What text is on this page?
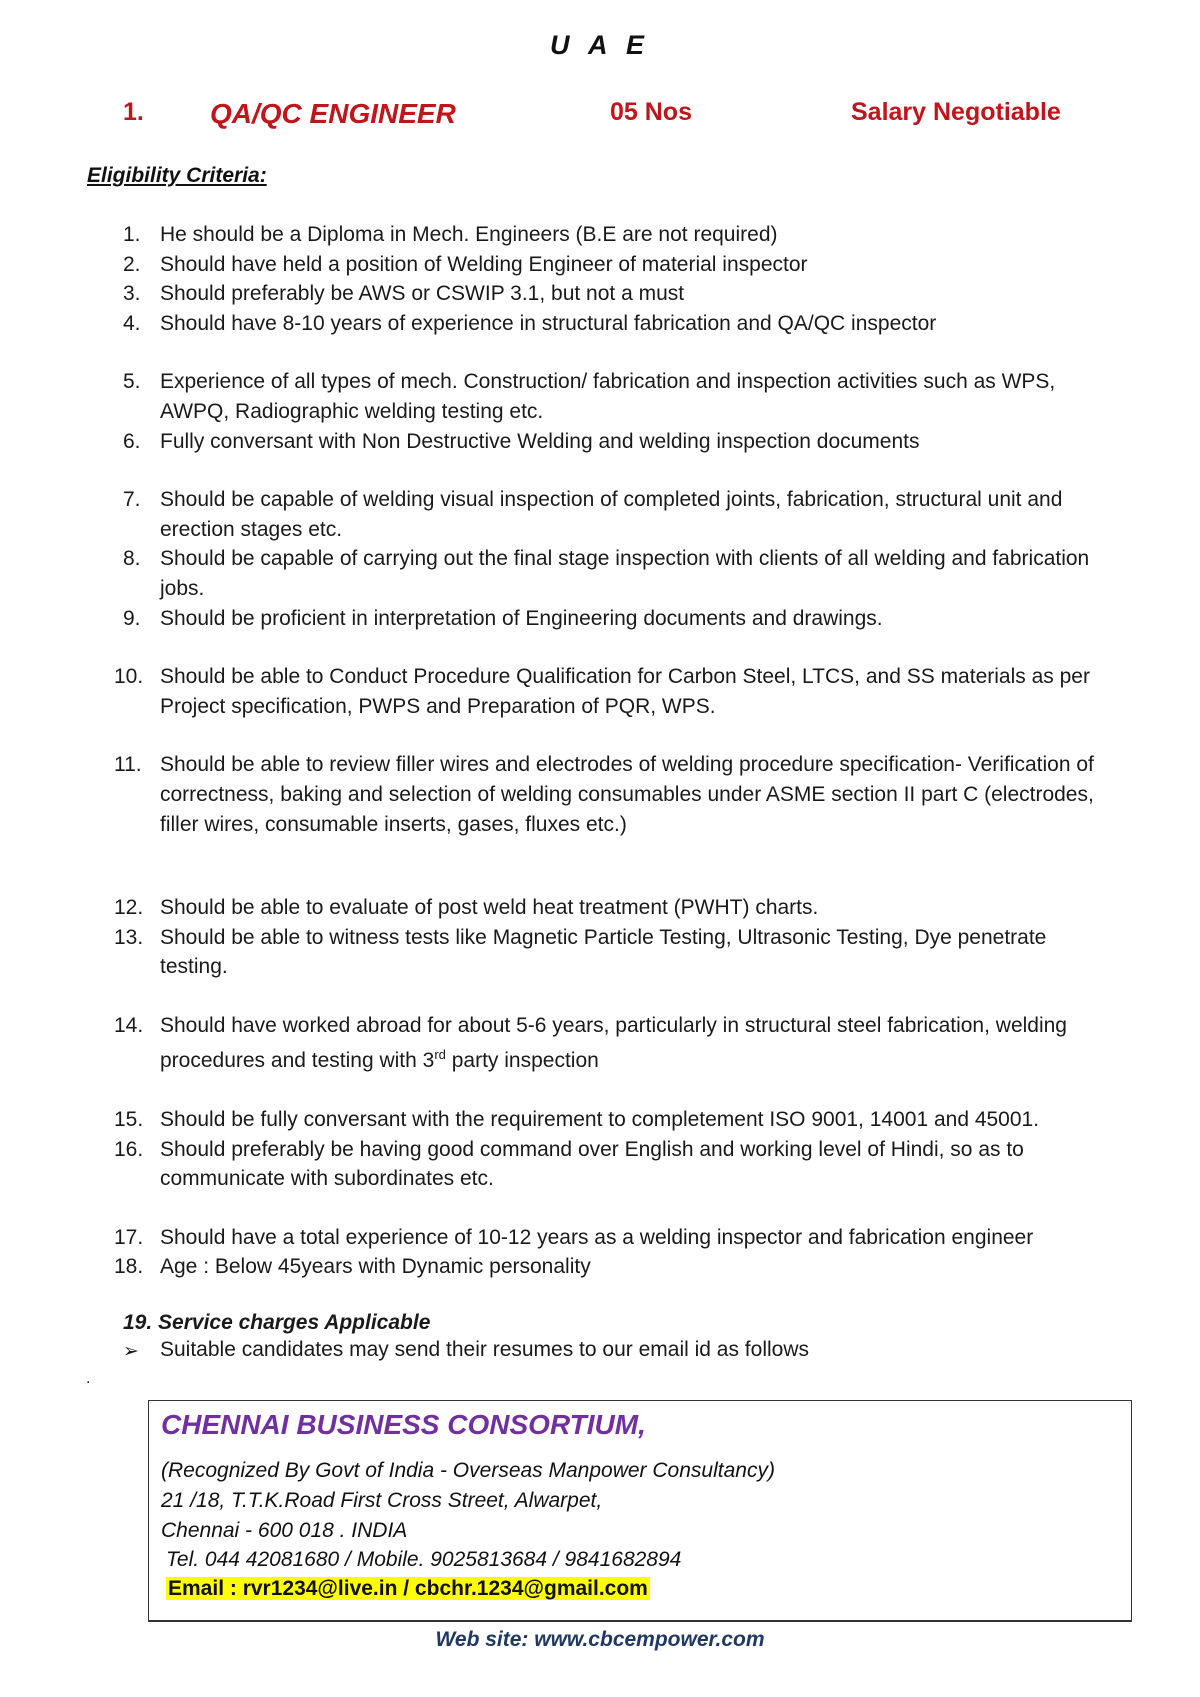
U A E
1. QA/QC ENGINEER	05 Nos	Salary Negotiable
Eligibility Criteria:
1. He should be a Diploma in Mech. Engineers (B.E are not required)
2. Should have held a position of Welding Engineer of material inspector
3. Should preferably be AWS or CSWIP 3.1, but not a must
4. Should have 8-10 years of experience in structural fabrication and QA/QC inspector
5. Experience of all types of mech. Construction/ fabrication and inspection activities such as WPS, AWPQ, Radiographic welding testing etc.
6. Fully conversant with Non Destructive Welding and welding inspection documents
7. Should be capable of welding visual inspection of completed joints, fabrication, structural unit and erection stages etc.
8. Should be capable of carrying out the final stage inspection with clients of all welding and fabrication jobs.
9. Should be proficient in interpretation of Engineering documents and drawings.
10. Should be able to Conduct Procedure Qualification for Carbon Steel, LTCS, and SS materials as per Project specification, PWPS and Preparation of PQR, WPS.
11. Should be able to review filler wires and electrodes of welding procedure specification- Verification of correctness, baking and selection of welding consumables under ASME section II part C (electrodes, filler wires, consumable inserts, gases, fluxes etc.)
12. Should be able to evaluate of post weld heat treatment (PWHT) charts.
13. Should be able to witness tests like Magnetic Particle Testing, Ultrasonic Testing, Dye penetrate testing.
14. Should have worked abroad for about 5-6 years, particularly in structural steel fabrication, welding procedures and testing with 3rd party inspection
15. Should be fully conversant with the requirement to completement ISO 9001, 14001 and 45001.
16. Should preferably be having good command over English and working level of Hindi, so as to communicate with subordinates etc.
17. Should have a total experience of 10-12 years as a welding inspector and fabrication engineer
18. Age : Below 45years with Dynamic personality
19. Service charges Applicable
➢ Suitable candidates may send their resumes to our email id as follows
.
CHENNAI BUSINESS CONSORTIUM,
(Recognized By Govt of India - Overseas Manpower Consultancy)
21 /18, T.T.K.Road First Cross Street, Alwarpet,
Chennai - 600 018 . INDIA
Tel. 044 42081680 / Mobile. 9025813684 / 9841682894
Email : rvr1234@live.in / cbchr.1234@gmail.com
Web site: www.cbcempower.com
